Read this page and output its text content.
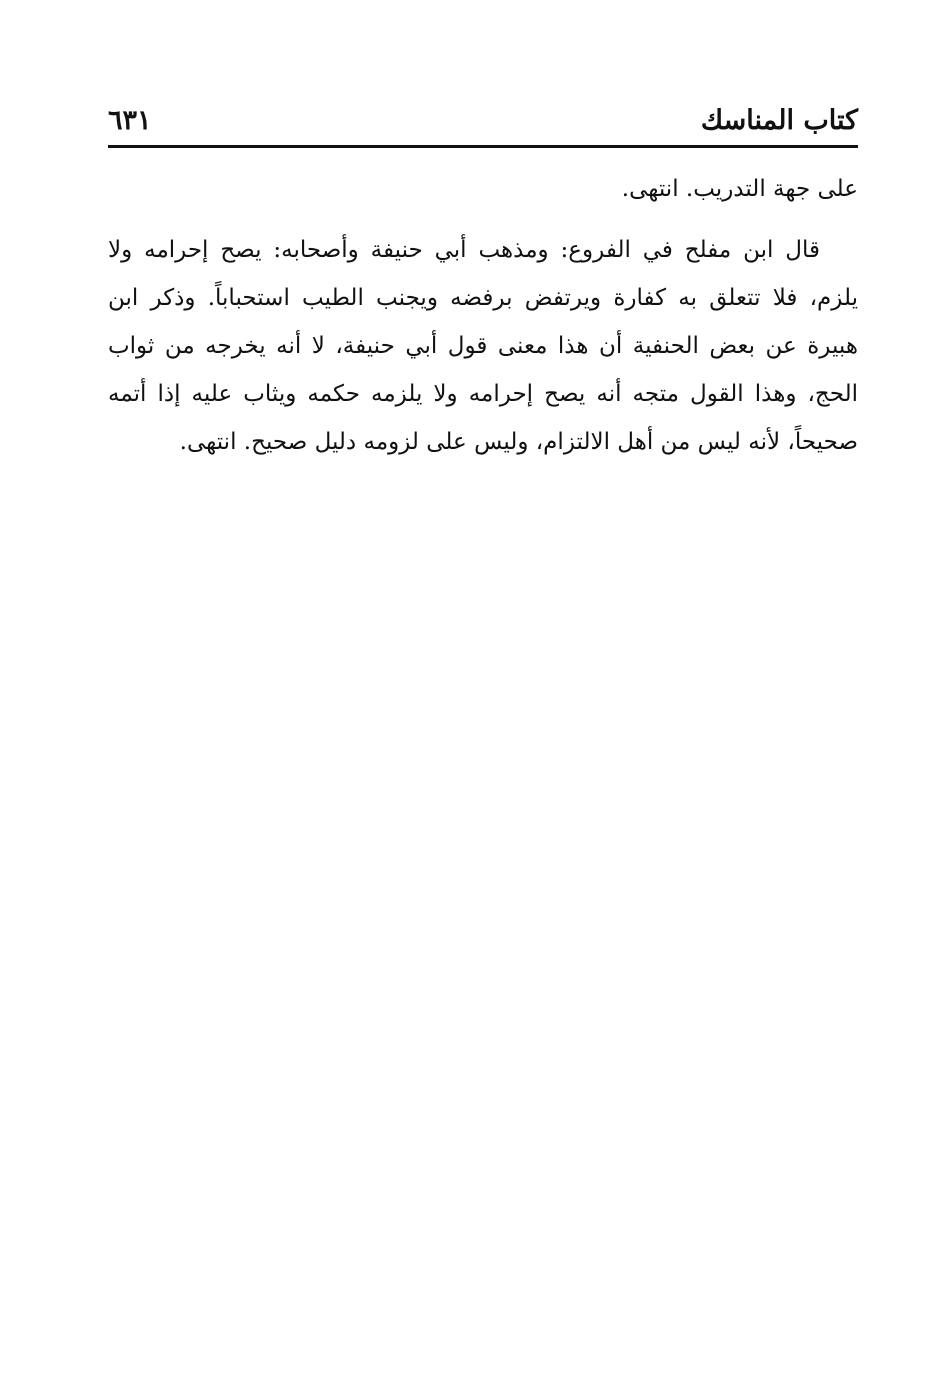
كتاب المناسك
٦٣١

على جهة التدريب. انتهى.

قال ابن مفلح في الفروع: ومذهب أبي حنيفة وأصحابه: يصح إحرامه ولا يلزم، فلا تتعلق به كفارة ويرتفض برفضه ويجنب الطيب استحباباً. وذكر ابن هبيرة عن بعض الحنفية أن هذا معنى قول أبي حنيفة، لا أنه يخرجه من ثواب الحج، وهذا القول متجه أنه يصح إحرامه ولا يلزمه حكمه ويثاب عليه إذا أتمه صحيحاً، لأنه ليس من أهل الالتزام، وليس على لزومه دليل صحيح. انتهى.
